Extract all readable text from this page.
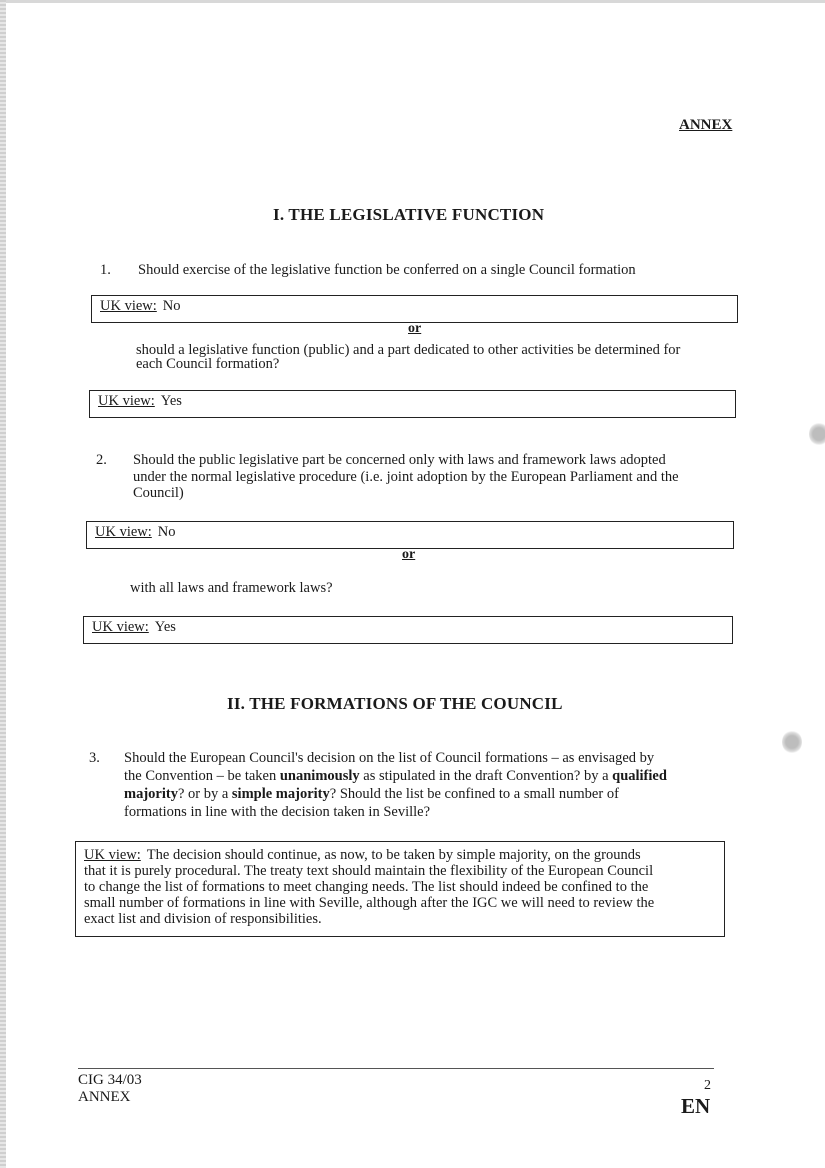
ANNEX
I. THE LEGISLATIVE FUNCTION
1. Should exercise of the legislative function be conferred on a single Council formation
UK view: No
or
should a legislative function (public) and a part dedicated to other activities be determined for
each Council formation?
UK view: Yes
2. Should the public legislative part be concerned only with laws and framework laws adopted
under the normal legislative procedure (i.e. joint adoption by the European Parliament and the
Council)
UK view: No
or
with all laws and framework laws?
UK view: Yes
II. THE FORMATIONS OF THE COUNCIL
3. Should the European Council's decision on the list of Council formations – as envisaged by
the Convention – be taken unanimously as stipulated in the draft Convention? by a qualified
majority? or by a simple majority? Should the list be confined to a small number of
formations in line with the decision taken in Seville?
UK view: The decision should continue, as now, to be taken by simple majority, on the grounds
that it is purely procedural. The treaty text should maintain the flexibility of the European Council
to change the list of formations to meet changing needs. The list should indeed be confined to the
small number of formations in line with Seville, although after the IGC we will need to review the
exact list and division of responsibilities.
CIG 34/03
ANNEX
2
EN
